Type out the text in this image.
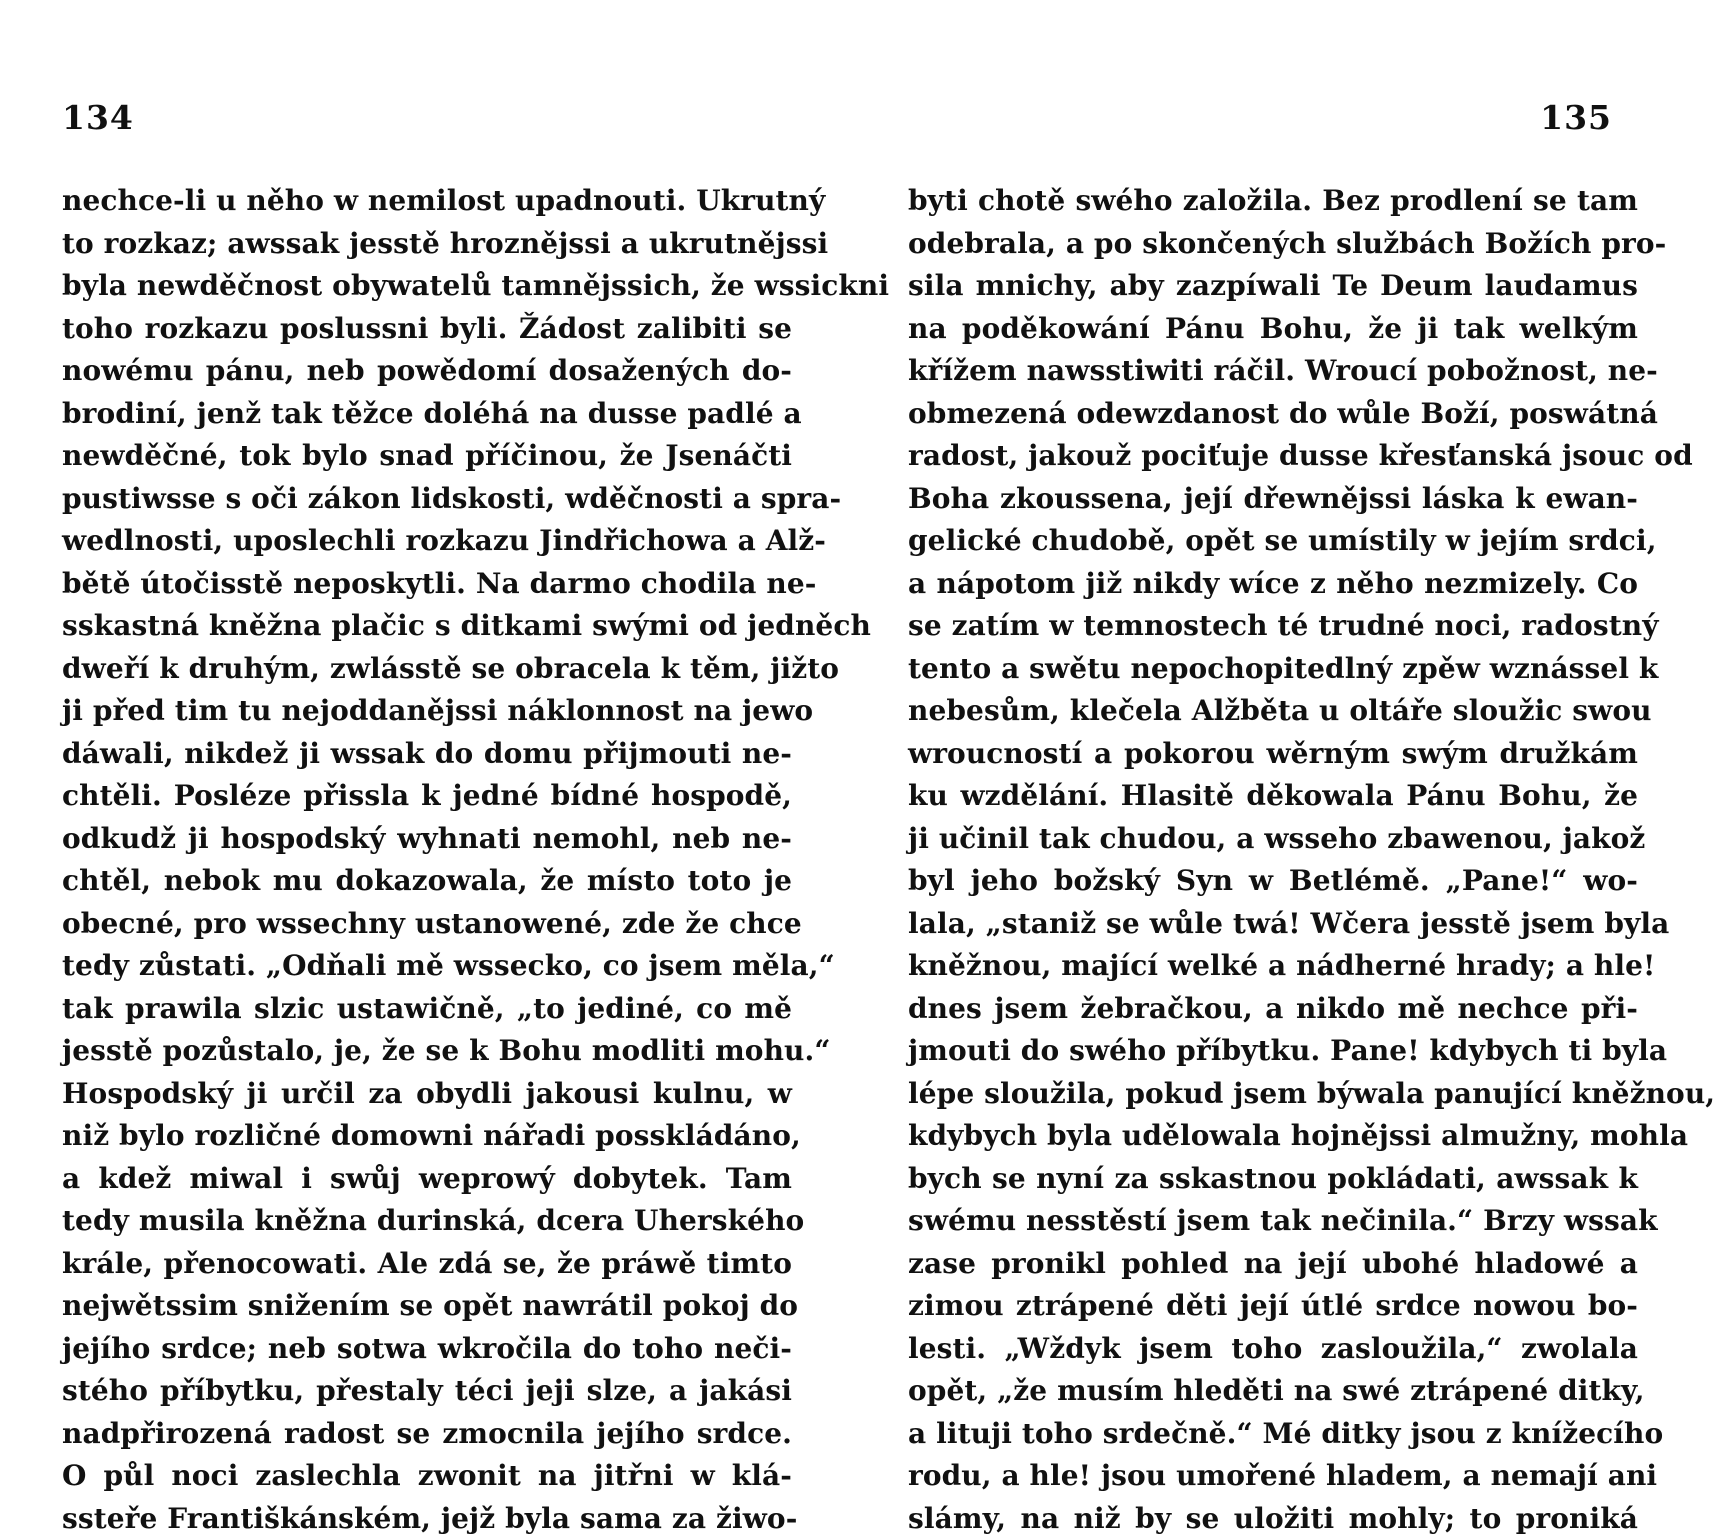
134
nechce-li u něho w nemilost upadnouti. Ukrutný
to rozkaz; awssak jesstě hroznějssi a ukrutnějssi
byla newděčnost obywatelů tamnějssich, že wssickni
toho rozkazu poslussni byli. Žádost zalibiti se
nowému pánu, neb powědomí dosažených do-
brodiní, jenž tak těžce doléhá na dusse padlé a
newděčné, tok bylo snad příčinou, že Jsenáčti
pustiwsse s oči zákon lidskosti, wděčnosti a spra-
wedlnosti, uposlechli rozkazu Jindřichowa a Alž-
bětě útočisstě neposkytli. Na darmo chodila ne-
sskastná kněžna plačic s ditkami swými od jedněch
dweří k druhým, zwlásstě se obracela k těm, jižto
ji před tim tu nejoddanějssi náklonnost na jewo
dáwali, nikdež ji wssak do domu přijmouti ne-
chtěli. Posléze přissla k jedné bídné hospodě,
odkudž ji hospodský wyhnati nemohl, neb ne-
chtěl, nebok mu dokazowala, že místo toto je
obecné, pro wssechny ustanowené, zde že chce
tedy zůstati. „Odňali mě wssecko, co jsem měla,“
tak prawila slzic ustawičně, „to jediné, co mě
jesstě pozůstalo, je, že se k Bohu modliti mohu.“
Hospodský ji určil za obydli jakousi kulnu, w
niž bylo rozličné domowni nářadi posskládáno,
a kdež miwal i swůj weprowý dobytek. Tam
tedy musila kněžna durinská, dcera Uherského
krále, přenocowati. Ale zdá se, že práwě timto
nejwětssim snižením se opět nawrátil pokoj do
jejího srdce; neb sotwa wkročila do toho neči-
stého příbytku, přestaly téci jeji slze, a jakási
nadpřirozená radost se zmocnila jejího srdce.
O půl noci zaslechla zwonit na jitřni w klá-
ssteře Františkánském, jejž byla sama za žiwo-
135
byti chotě swého založila. Bez prodlení se tam
odebrala, a po skončených službách Božích pro-
sila mnichy, aby zazpíwali Te Deum laudamus
na poděkowání Pánu Bohu, že ji tak welkým
křížem nawsstiwiti ráčil. Wroucí pobožnost, ne-
obmezená odewzdanost do wůle Boží, poswátná
radost, jakouž pociťuje dusse křesťanská jsouc od
Boha zkoussena, její dřewnějssi láska k ewan-
gelické chudobě, opět se umístily w jejím srdci,
a nápotom již nikdy wíce z něho nezmizely. Co
se zatím w temnostech té trudné noci, radostný
tento a swětu nepochopitedlný zpěw wznássel k
nebesům, klečela Alžběta u oltáře sloužic swou
wroucností a pokorou wěrným swým družkám
ku wzdělání. Hlasitě děkowala Pánu Bohu, že
ji učinil tak chudou, a wsseho zbawenou, jakož
byl jeho božský Syn w Betlémě. „Pane!“ wo-
lala, „staniž se wůle twá! Wčera jesstě jsem byla
kněžnou, mající welké a nádherné hrady; a hle!
dnes jsem žebračkou, a nikdo mě nechce při-
jmouti do swého příbytku. Pane! kdybych ti byla
lépe sloužila, pokud jsem býwala panující kněžnou,
kdybych byla udělowala hojnějssi almužny, mohla
bych se nyní za sskastnou pokládati, awssak k
swému nesstěstí jsem tak nečinila.“ Brzy wssak
zase pronikl pohled na její ubohé hladowé a
zimou ztrápené děti její útlé srdce nowou bo-
lesti. „Wždyk jsem toho zasloužila,“ zwolala
opět, „že musím hleděti na swé ztrápené ditky,
a lituji toho srdečně.“ Mé ditky jsou z knížecího
rodu, a hle! jsou umořené hladem, a nemají ani
slámy, na niž by se uložiti mohly; to proniká
